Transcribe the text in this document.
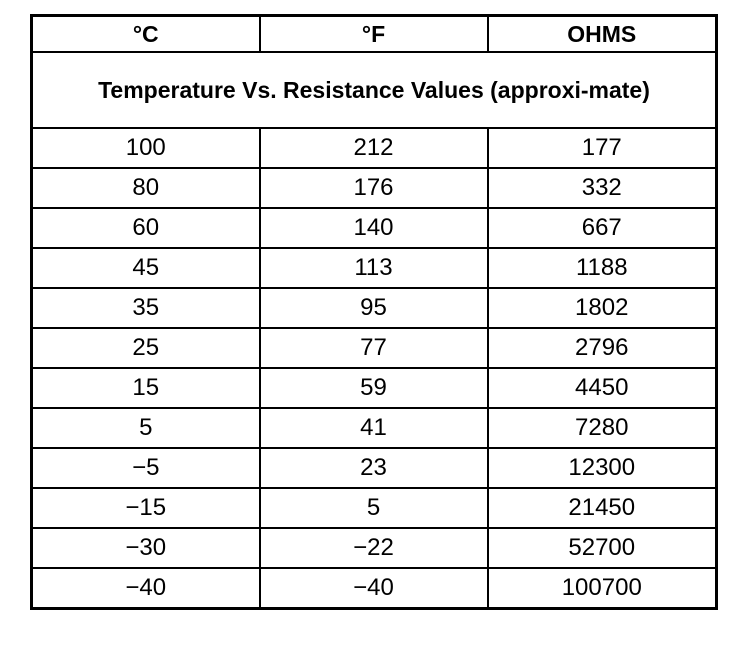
°C	°F	OHMS
Temperature Vs. Resistance Values (approxi-mate)		
100	212	177
80	176	332
60	140	667
45	113	1188
35	95	1802
25	77	2796
15	59	4450
5	41	7280
−5	23	12300
−15	5	21450
−30	−22	52700
−40	−40	100700
